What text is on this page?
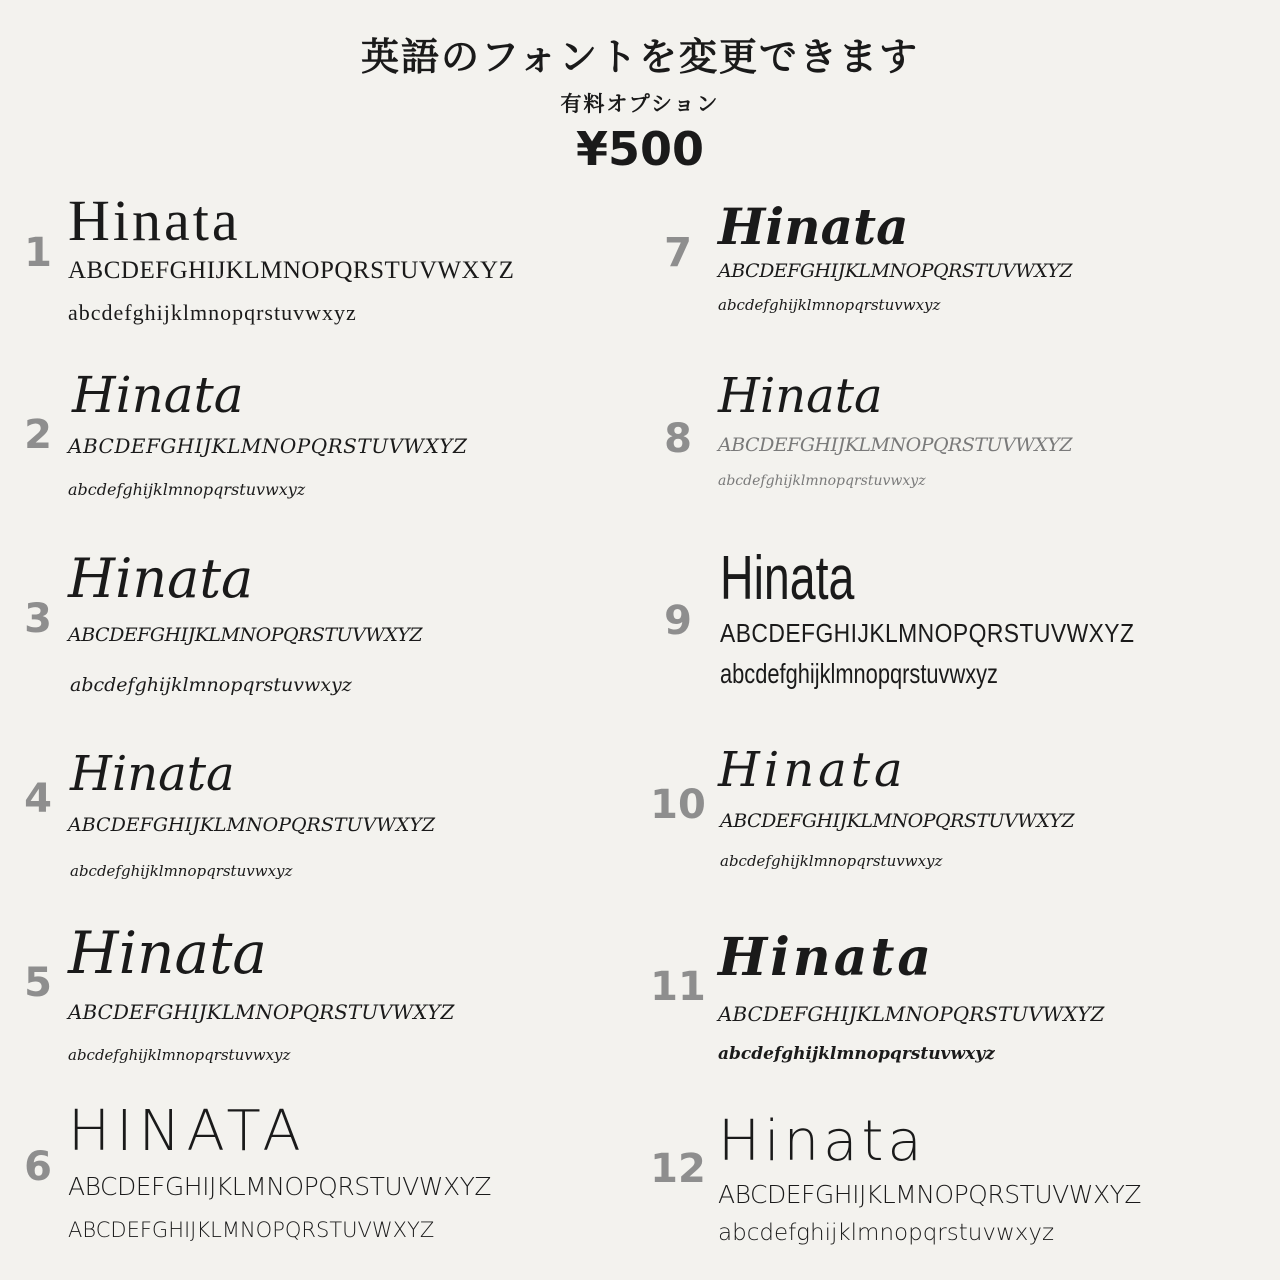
英語のフォントを変更できます
有料オプション
¥500
1 Hinata
ABCDEFGHIJKLMNOPQRSTUVWXYZ
abcdefghijklmnopqrstuvwxyz
2
Hinata
ABCDEFGHIJKLMNOPQRSTUVWXYZ
abcdefghijklmnopqrstuvwxyz
3
Hinata
ABCDEFGHIJKLMNOPQRSTUVWXYZ
abcdefghijklmnopqrstuvwxyz
4 Hinata
ABCDEFGHIJKLMNOPQRSTUVWXYZ
abcdefghijklmnopqrstuvwxyz
5 Hinata
ABCDEFGHIJKLMNOPQRSTUVWXYZ
abcdefghijklmnopqrstuvwxyz
6
HINATA
ABCDEFGHIJKLMNOPQRSTUVWXYZ
ABCDEFGHIJKLMNOPQRSTUVWXYZ
7 Hinata
ABCDEFGHIJKLMNOPQRSTUVWXYZ
abcdefghijklmnopqrstuvwxyz
8
Hinata
ABCDEFGHIJKLMNOPQRSTUVWXYZ
abcdefghijklmnopqrstuvwxyz
9
Hinata
ABCDEFGHIJKLMNOPQRSTUVWXYZ
abcdefghijklmnopqrstuvwxyz
10
Hinata
ABCDEFGHIJKLMNOPQRSTUVWXYZ
abcdefghijklmnopqrstuvwxyz
11 Hinata
ABCDEFGHIJKLMNOPQRSTUVWXYZ
abcdefghijklmnopqrstuvwxyz
12 Hinata
ABCDEFGHIJKLMNOPQRSTUVWXYZ
abcdefghijklmnopqrstuvwxyz
